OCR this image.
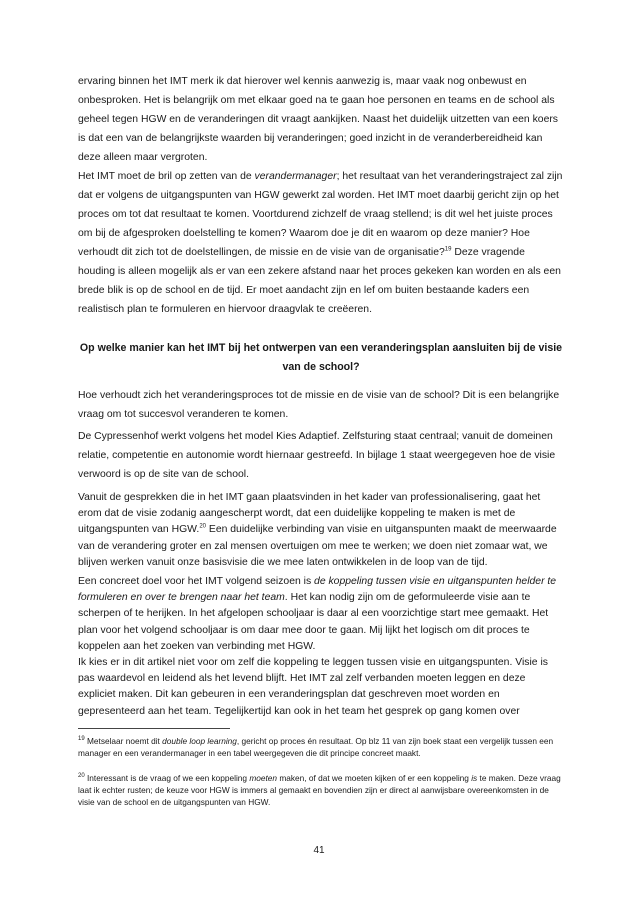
ervaring binnen het IMT merk ik dat hierover wel kennis aanwezig is, maar vaak nog onbewust en onbesproken. Het is belangrijk om met elkaar goed na te gaan hoe personen en teams en de school als geheel tegen HGW en de veranderingen dit vraagt aankijken. Naast het duidelijk uitzetten van een koers is dat een van de belangrijkste waarden bij veranderingen; goed inzicht in de veranderbereidheid kan deze alleen maar vergroten.

Het IMT moet de bril op zetten van de verandermanager; het resultaat van het veranderingstraject zal zijn dat er volgens de uitgangspunten van HGW gewerkt zal worden. Het IMT moet daarbij gericht zijn op het proces om tot dat resultaat te komen. Voortdurend zichzelf de vraag stellend; is dit wel het juiste proces om bij de afgesproken doelstelling te komen? Waarom doe je dit en waarom op deze manier? Hoe verhoudt dit zich tot de doelstellingen, de missie en de visie van de organisatie?$^{19}$ Deze vragende houding is alleen mogelijk als er van een zekere afstand naar het proces gekeken kan worden en als een brede blik is op de school en de tijd. Er moet aandacht zijn en lef om buiten bestaande kaders een realistisch plan te formuleren en hiervoor draagvlak te creëeren.

Op welke manier kan het IMT bij het ontwerpen van een veranderingsplan aansluiten bij de visie van de school?

Hoe verhoudt zich het veranderingsproces tot de missie en de visie van de school? Dit is een belangrijke vraag om tot succesvol veranderen te komen.

De Cypressenhof werkt volgens het model Kies Adaptief. Zelfsturing staat centraal; vanuit de domeinen relatie, competentie en autonomie wordt hiernaar gestreefd. In bijlage 1 staat weergegeven hoe de visie verwoord is op de site van de school.

Vanuit de gesprekken die in het IMT gaan plaatsvinden in het kader van professionalisering, gaat het erom dat de visie zodanig aangescherpt wordt, dat een duidelijke koppeling te maken is met de uitgangspunten van HGW.$^{20}$ Een duidelijke verbinding van visie en uitganspunten maakt de meerwaarde van de verandering groter en zal mensen overtuigen om mee te werken; we doen niet zomaar wat, we blijven werken vanuit onze basisvisie die we mee laten ontwikkelen in de loop van de tijd.

Een concreet doel voor het IMT volgend seizoen is de koppeling tussen visie en uitganspunten helder te formuleren en over te brengen naar het team. Het kan nodig zijn om de geformuleerde visie aan te scherpen of te herijken. In het afgelopen schooljaar is daar al een voorzichtige start mee gemaakt. Het plan voor het volgend schooljaar is om daar mee door te gaan. Mij lijkt het logisch om dit proces te koppelen aan het zoeken van verbinding met HGW.

Ik kies er in dit artikel niet voor om zelf die koppeling te leggen tussen visie en uitgangspunten. Visie is pas waardevol en leidend als het levend blijft. Het IMT zal zelf verbanden moeten leggen en deze expliciet maken. Dit kan gebeuren in een veranderingsplan dat geschreven moet worden en gepresenteerd aan het team. Tegelijkertijd kan ook in het team het gesprek op gang komen over

$^{19}$ Metselaar noemt dit double loop learning, gericht op proces én resultaat. Op blz 11 van zijn boek staat een vergelijk tussen een manager en een verandermanager in een tabel weergegeven die dit principe concreet maakt.

$^{20}$ Interessant is de vraag of we een koppeling moeten maken, of dat we moeten kijken of er een koppeling is te maken. Deze vraag laat ik echter rusten; de keuze voor HGW is immers al gemaakt en bovendien zijn er direct al aanwijsbare overeenkomsten in de visie van de school en de uitgangspunten van HGW.

41
